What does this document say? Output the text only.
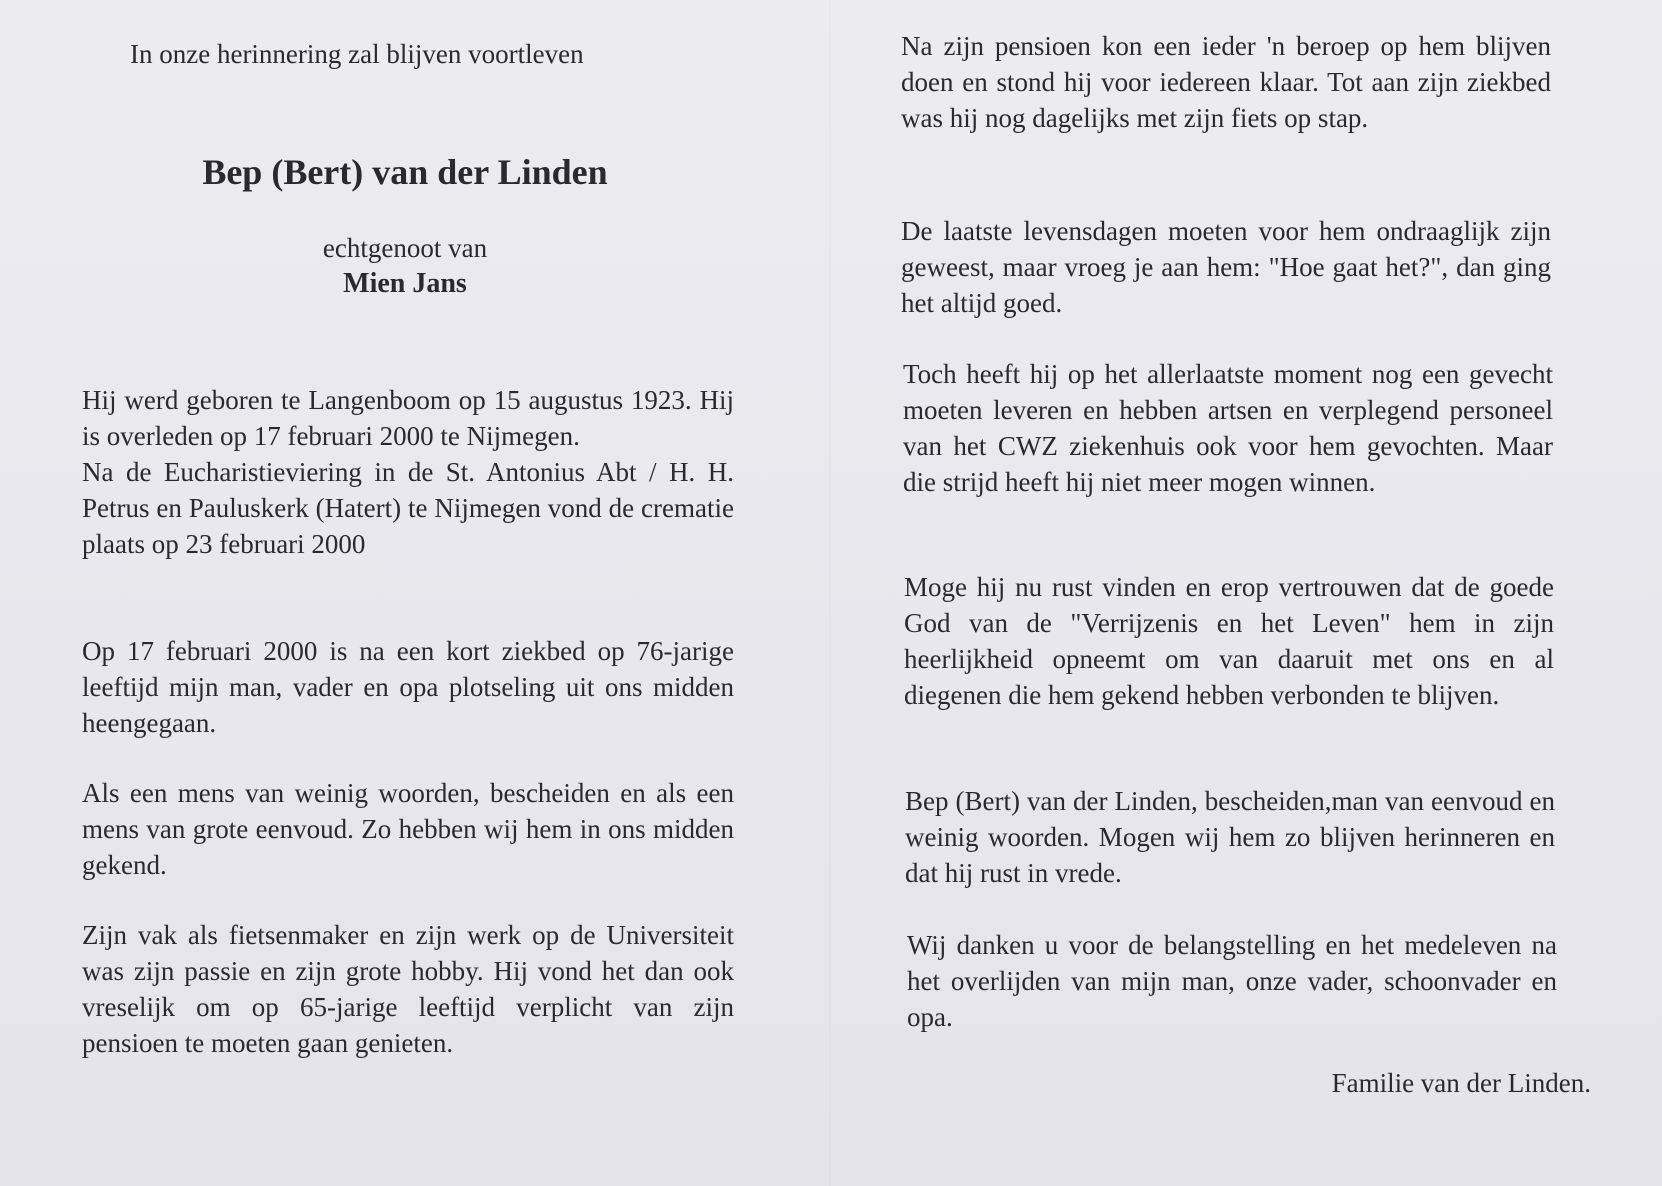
In onze herinnering zal blijven voortleven

Bep (Bert) van der Linden

echtgenoot van

Mien Jans

Hij werd geboren te Langenboom op 15 augustus 1923. Hij is overleden op 17 februari 2000 te Nijmegen.

Na de Eucharistieviering in de St. Antonius Abt / H. H. Petrus en Pauluskerk (Hatert) te Nijmegen vond de crematie plaats op 23 februari 2000

Op 17 februari 2000 is na een kort ziekbed op 76-jarige leeftijd mijn man, vader en opa plotseling uit ons midden heengegaan.

Als een mens van weinig woorden, bescheiden en als een mens van grote eenvoud. Zo hebben wij hem in ons midden gekend.

Zijn vak als fietsenmaker en zijn werk op de Universiteit was zijn passie en zijn grote hobby. Hij vond het dan ook vreselijk om op 65-jarige leeftijd verplicht van zijn pensioen te moeten gaan genieten.

Na zijn pensioen kon een ieder 'n beroep op hem blijven doen en stond hij voor iedereen klaar. Tot aan zijn ziekbed was hij nog dagelijks met zijn fiets op stap.

De laatste levensdagen moeten voor hem ondraaglijk zijn geweest, maar vroeg je aan hem: "Hoe gaat het?", dan ging het altijd goed.

Toch heeft hij op het allerlaatste moment nog een gevecht moeten leveren en hebben artsen en verplegend personeel van het CWZ ziekenhuis ook voor hem gevochten. Maar die strijd heeft hij niet meer mogen winnen.

Moge hij nu rust vinden en erop vertrouwen dat de goede God van de "Verrijzenis en het Leven" hem in zijn heerlijkheid opneemt om van daaruit met ons en al diegenen die hem gekend hebben verbonden te blijven.

Bep (Bert) van der Linden, bescheiden,man van eenvoud en weinig woorden. Mogen wij hem zo blijven herinneren en dat hij rust in vrede.

Wij danken u voor de belangstelling en het medeleven na het overlijden van mijn man, onze vader, schoonvader en opa.

Familie van der Linden.
